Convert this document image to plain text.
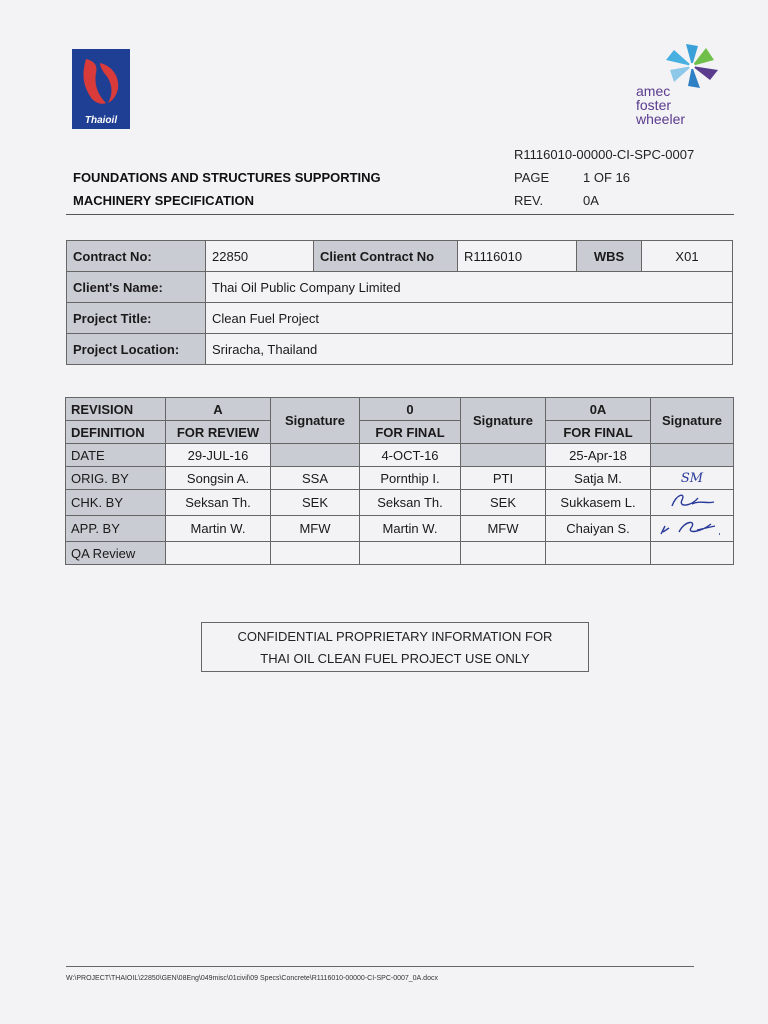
Thaioil
amec
foster
wheeler
R1116010-00000-CI-SPC-0007
FOUNDATIONS AND STRUCTURES SUPPORTING
MACHINERY SPECIFICATION
PAGE	1 OF 16
REV.	0A
Contract No:	22850	Client Contract No	R1116010	WBS	X01
Client's Name:	Thai Oil Public Company Limited				
Project Title:	Clean Fuel Project				
Project Location:	Sriracha, Thailand				
REVISION	A	Signature	0	Signature	0A	Signature
DEFINITION	FOR REVIEW		FOR FINAL		FOR FINAL	
DATE	29-JUL-16		4-OCT-16		25-Apr-18	
ORIG. BY	Songsin A.	SSA	Pornthip I.	PTI	Satja M.	SM
CHK. BY	Seksan Th.	SEK	Seksan Th.	SEK	Sukkasem L.	
APP. BY	Martin W.	MFW	Martin W.	MFW	Chaiyan S.	
QA Review						
CONFIDENTIAL PROPRIETARY INFORMATION FOR
THAI OIL CLEAN FUEL PROJECT USE ONLY
W:\PROJECT\THAIOIL\22850\GEN\08Eng\049misc\01civil\09 Specs\Concrete\R1116010-00000-CI-SPC-0007_0A.docx
